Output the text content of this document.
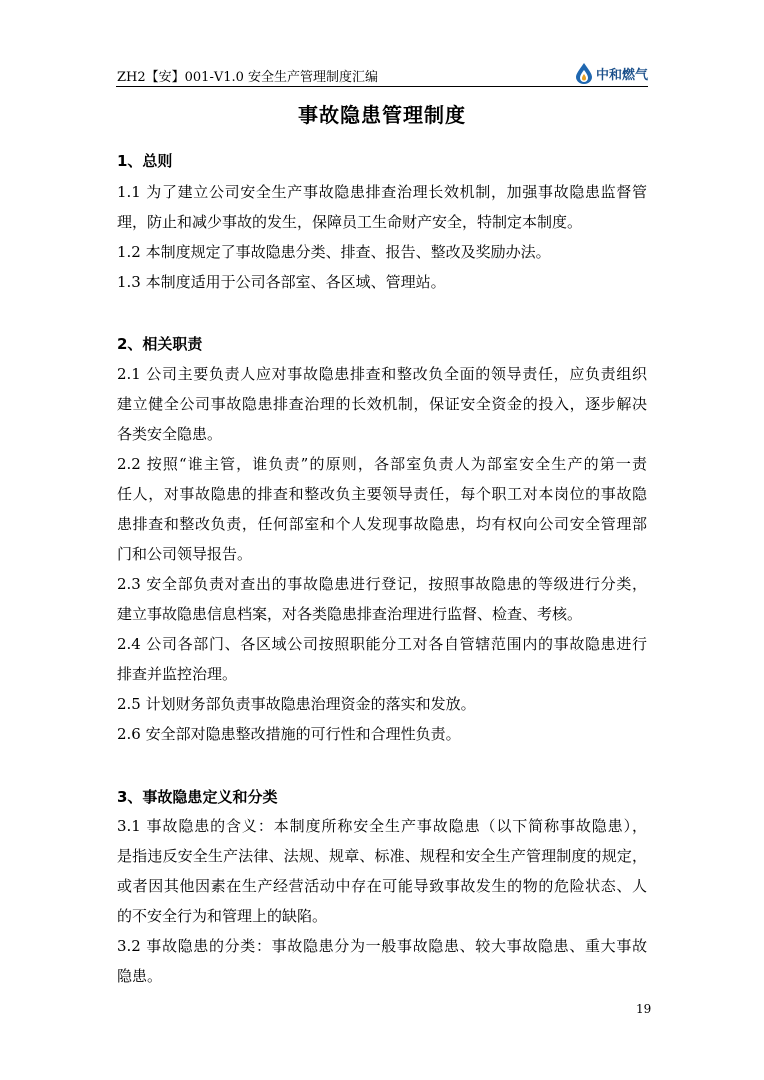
ZH2【安】001-V1.0 安全生产管理制度汇编	中和燃气
事故隐患管理制度
1、总则
1.1 为了建立公司安全生产事故隐患排查治理长效机制，加强事故隐患监督管
理，防止和减少事故的发生，保障员工生命财产安全，特制定本制度。
1.2 本制度规定了事故隐患分类、排查、报告、整改及奖励办法。
1.3 本制度适用于公司各部室、各区域、管理站。
2、相关职责
2.1 公司主要负责人应对事故隐患排查和整改负全面的领导责任，应负责组织
建立健全公司事故隐患排查治理的长效机制，保证安全资金的投入，逐步解决
各类安全隐患。
2.2 按照“谁主管，谁负责”的原则，各部室负责人为部室安全生产的第一责
任人，对事故隐患的排查和整改负主要领导责任，每个职工对本岗位的事故隐
患排查和整改负责，任何部室和个人发现事故隐患，均有权向公司安全管理部
门和公司领导报告。
2.3 安全部负责对查出的事故隐患进行登记，按照事故隐患的等级进行分类，
建立事故隐患信息档案，对各类隐患排查治理进行监督、检查、考核。
2.4 公司各部门、各区域公司按照职能分工对各自管辖范围内的事故隐患进行
排查并监控治理。
2.5 计划财务部负责事故隐患治理资金的落实和发放。
2.6 安全部对隐患整改措施的可行性和合理性负责。
3、事故隐患定义和分类
3.1 事故隐患的含义：本制度所称安全生产事故隐患（以下简称事故隐患），
是指违反安全生产法律、法规、规章、标准、规程和安全生产管理制度的规定，
或者因其他因素在生产经营活动中存在可能导致事故发生的物的危险状态、人
的不安全行为和管理上的缺陷。
3.2 事故隐患的分类：事故隐患分为一般事故隐患、较大事故隐患、重大事故
隐患。
19
